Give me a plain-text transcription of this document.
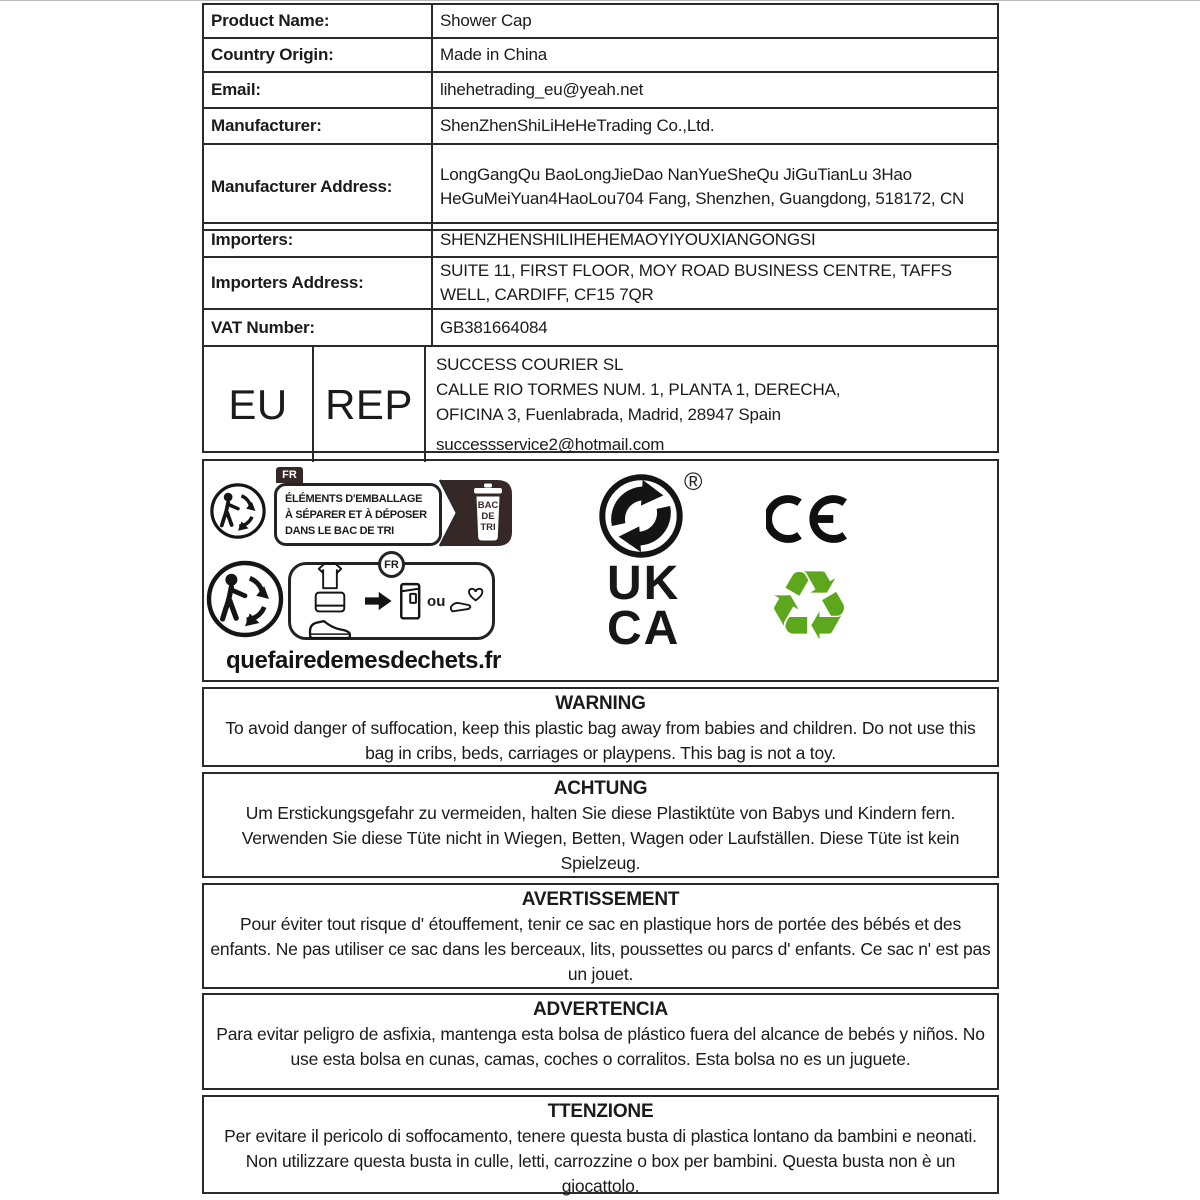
Product Name:	Shower Cap
Country Origin:	Made in China
Email:	lihehetrading_eu@yeah.net
Manufacturer:	ShenZhenShiLiHeHeTrading Co.,Ltd.
Manufacturer Address:	LongGangQu BaoLongJieDao NanYueSheQu JiGuTianLu 3Hao HeGuMeiYuan4HaoLou704 Fang, Shenzhen, Guangdong, 518172, CN
Importers:	SHENZHENSHILIHEHEMAOYIYOUXIANGONGSI
Importers Address:	SUITE 11, FIRST FLOOR, MOY ROAD BUSINESS CENTRE, TAFFS WELL, CARDIFF, CF15 7QR
VAT Number:	GB381664084
EU REP
SUCCESS COURIER SL
CALLE RIO TORMES NUM. 1, PLANTA 1, DERECHA,
OFICINA 3, Fuenlabrada, Madrid, 28947 Spain
successservice2@hotmail.com
FR
ÉLÉMENTS D'EMBALLAGE
À SÉPARER ET À DÉPOSER
DANS LE BAC DE TRI
BAC
DE
TRI
FR
ou
quefairedemesdechets.fr
®
UK
CA ♻
WARNING

To avoid danger of suffocation, keep this plastic bag away from babies and children. Do not use this bag in cribs, beds, carriages or playpens. This bag is not a toy.

ACHTUNG

Um Erstickungsgefahr zu vermeiden, halten Sie diese Plastiktüte von Babys und Kindern fern. Verwenden Sie diese Tüte nicht in Wiegen, Betten, Wagen oder Laufställen. Diese Tüte ist kein Spielzeug.

AVERTISSEMENT

Pour éviter tout risque d' étouffement, tenir ce sac en plastique hors de portée des bébés et des enfants. Ne pas utiliser ce sac dans les berceaux, lits, poussettes ou parcs d' enfants. Ce sac n' est pas un jouet.

ADVERTENCIA

Para evitar peligro de asfixia, mantenga esta bolsa de plástico fuera del alcance de bebés y niños. No use esta bolsa en cunas, camas, coches o corralitos. Esta bolsa no es un juguete.

TTENZIONE

Per evitare il pericolo di soffocamento, tenere questa busta di plastica lontano da bambini e neonati. Non utilizzare questa busta in culle, letti, carrozzine o box per bambini. Questa busta non è un giocattolo.
